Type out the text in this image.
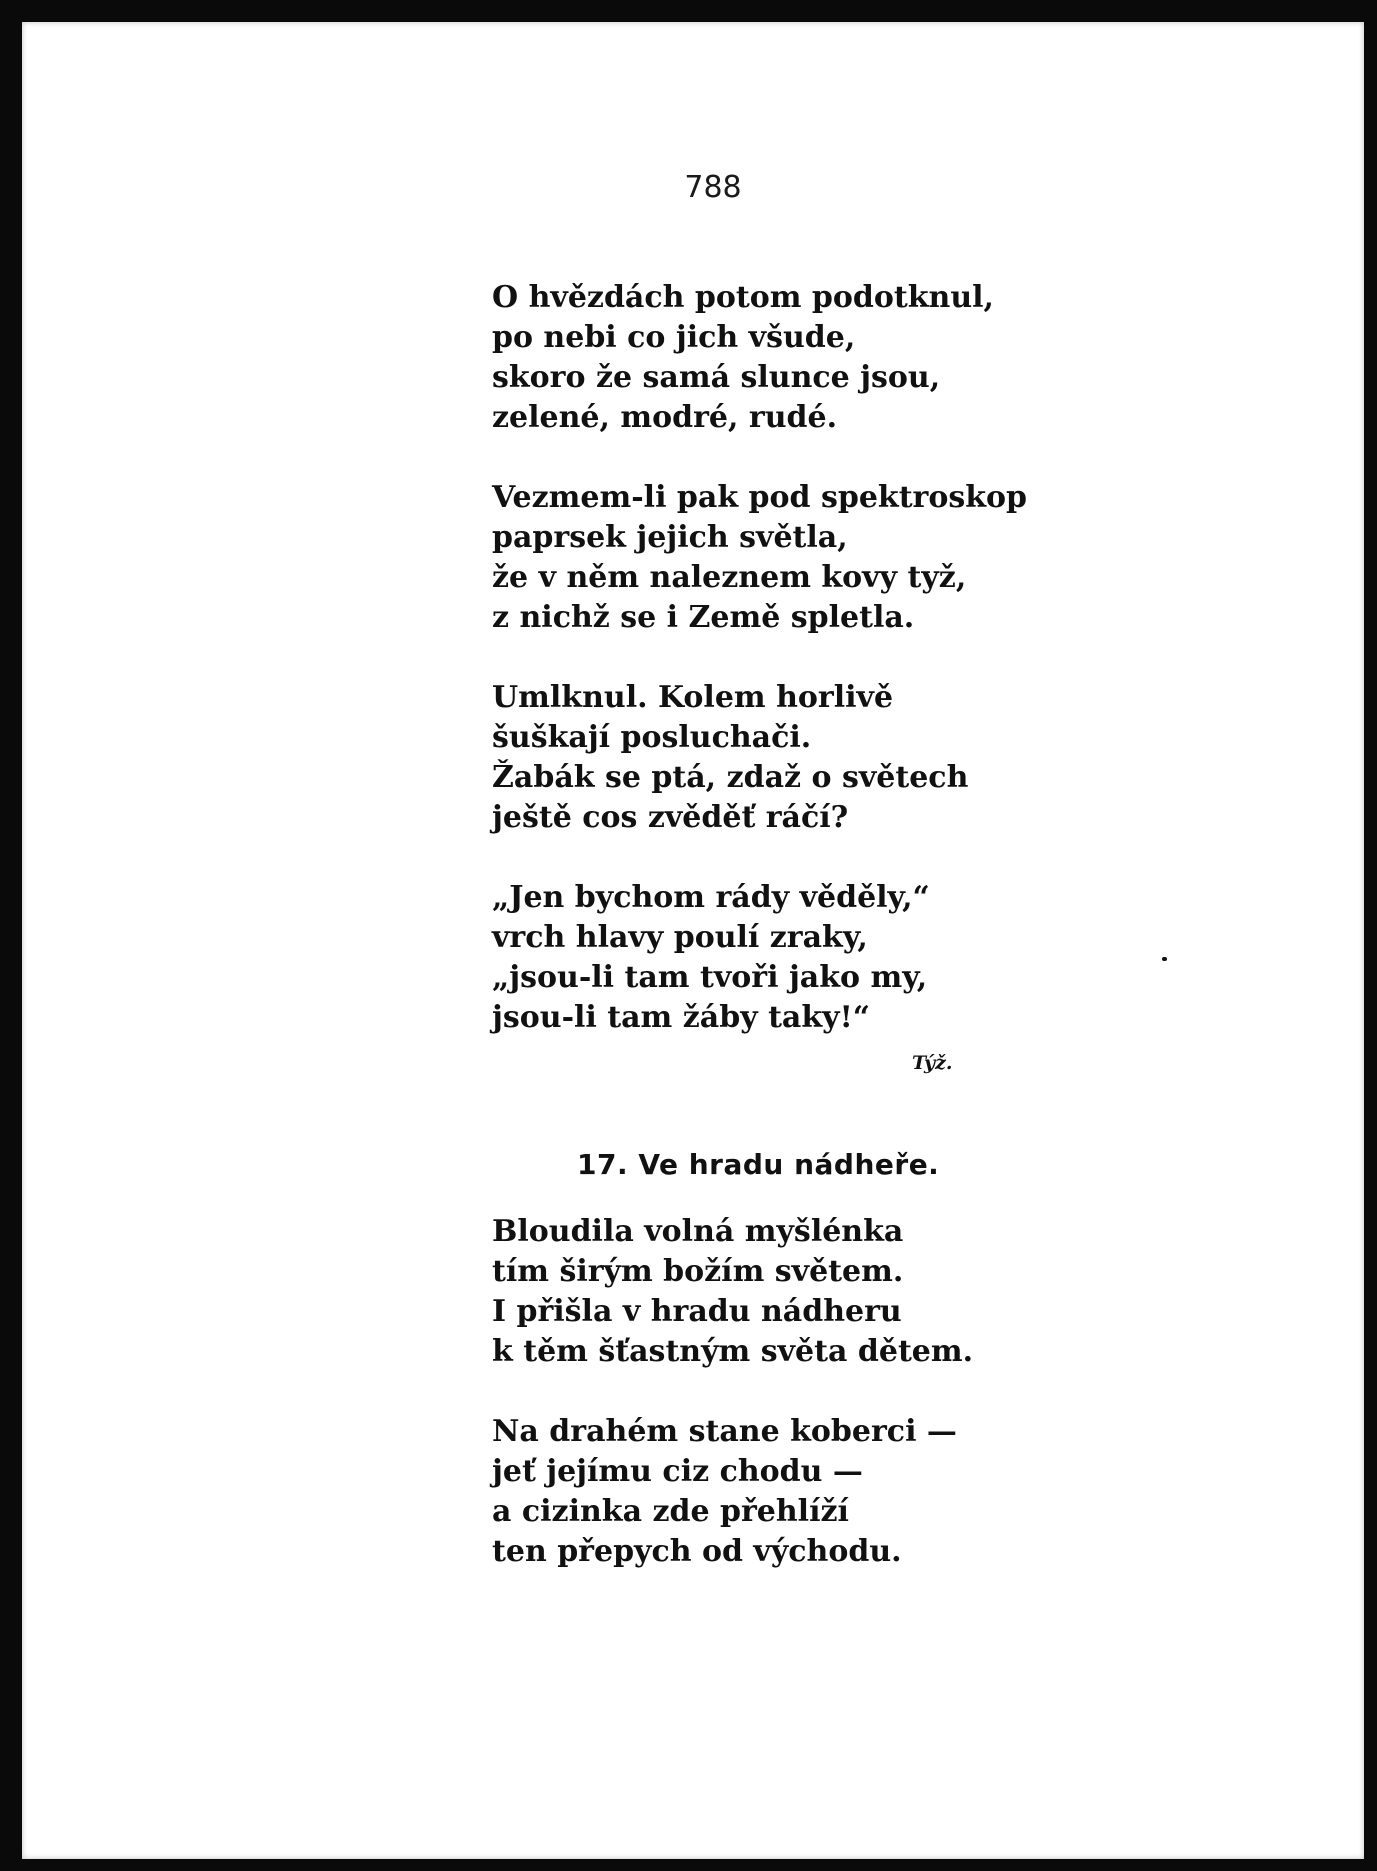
788
O hvězdách potom podotknul,
po nebi co jich všude,
skoro že samá slunce jsou,
zelené, modré, rudé.
Vezmem-li pak pod spektroskop
paprsek jejich světla,
že v něm naleznem kovy tyž,
z nichž se i Země spletla.
Umlknul. Kolem horlivě
šuškají posluchači.
Žabák se ptá, zdaž o světech
ještě cos zvěděť ráčí?
„Jen bychom rády věděly,“
vrch hlavy poulí zraky,
„jsou-li tam tvoři jako my,
jsou-li tam žáby taky!“
Týž.
17. Ve hradu nádheře.
Bloudila volná myšlénka
tím širým božím světem.
I přišla v hradu nádheru
k těm šťastným světa dětem.
Na drahém stane koberci —
jeť jejímu ciz chodu —
a cizinka zde přehlíží
ten přepych od východu.
